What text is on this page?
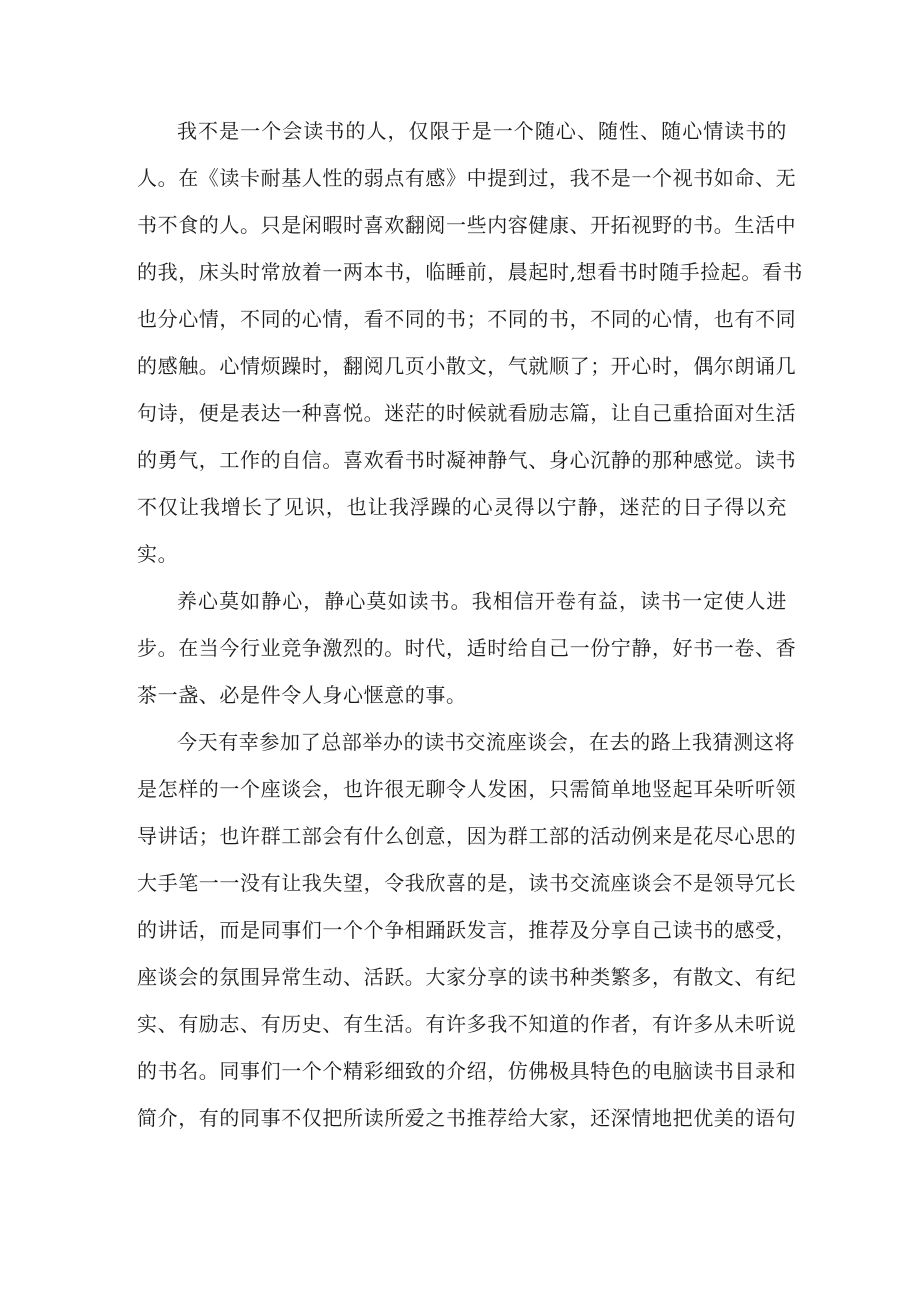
我不是一个会读书的人，仅限于是一个随心、随性、随心情读书的
人。在《读卡耐基人性的弱点有感》中提到过，我不是一个视书如命、无
书不食的人。只是闲暇时喜欢翻阅一些内容健康、开拓视野的书。生活中
的我，床头时常放着一两本书，临睡前，晨起时,想看书时随手捡起。看书
也分心情，不同的心情，看不同的书；不同的书，不同的心情，也有不同
的感触。心情烦躁时，翻阅几页小散文，气就顺了；开心时，偶尔朗诵几
句诗，便是表达一种喜悦。迷茫的时候就看励志篇，让自己重拾面对生活
的勇气，工作的自信。喜欢看书时凝神静气、身心沉静的那种感觉。读书
不仅让我增长了见识，也让我浮躁的心灵得以宁静，迷茫的日子得以充
实。
养心莫如静心，静心莫如读书。我相信开卷有益，读书一定使人进
步。在当今行业竞争激烈的。时代，适时给自己一份宁静，好书一卷、香
茶一盏、必是件令人身心惬意的事。
今天有幸参加了总部举办的读书交流座谈会，在去的路上我猜测这将
是怎样的一个座谈会，也许很无聊令人发困，只需简单地竖起耳朵听听领
导讲话；也许群工部会有什么创意，因为群工部的活动例来是花尽心思的
大手笔一一没有让我失望，令我欣喜的是，读书交流座谈会不是领导冗长
的讲话，而是同事们一个个争相踊跃发言，推荐及分享自己读书的感受，
座谈会的氛围异常生动、活跃。大家分享的读书种类繁多，有散文、有纪
实、有励志、有历史、有生活。有许多我不知道的作者，有许多从未听说
的书名。同事们一个个精彩细致的介绍，仿佛极具特色的电脑读书目录和
简介，有的同事不仅把所读所爱之书推荐给大家，还深情地把优美的语句
